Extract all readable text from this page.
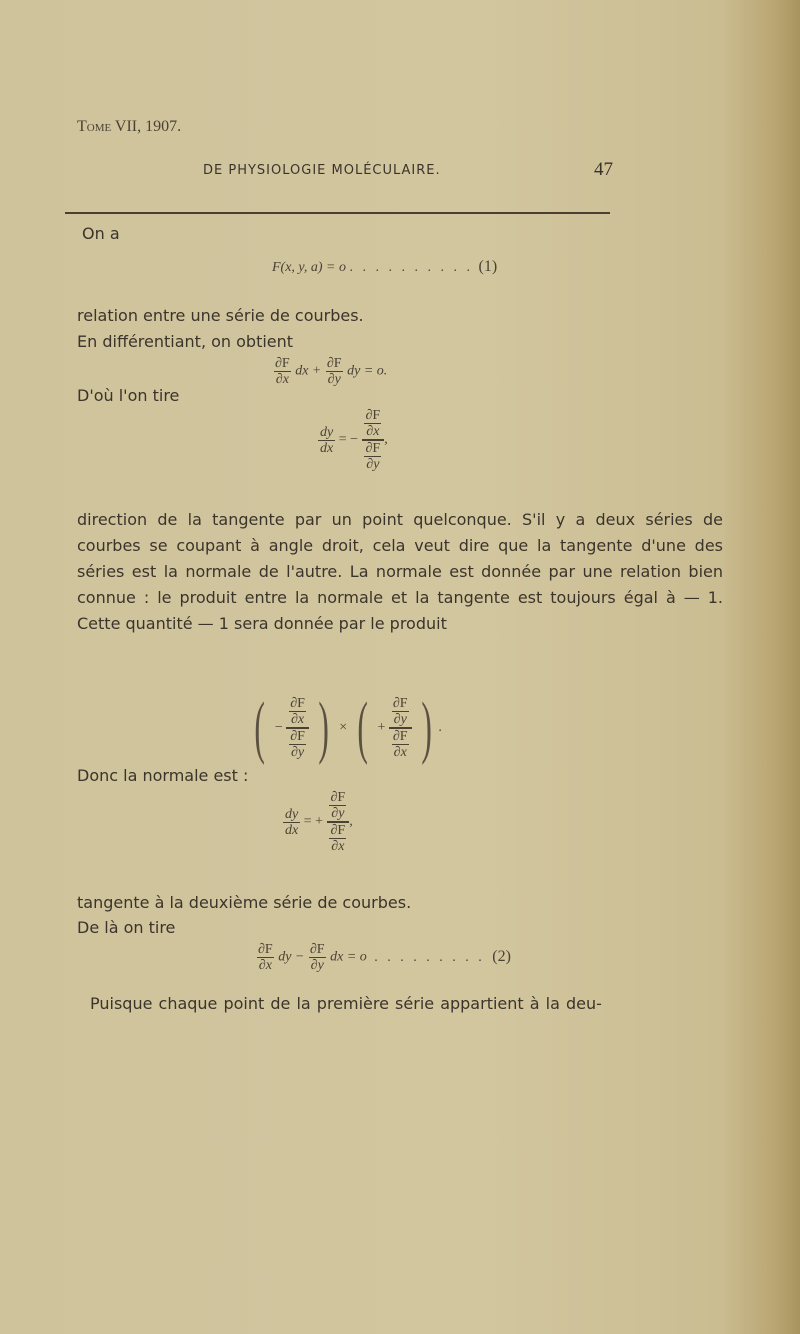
Tome VII, 1907.
DE PHYSIOLOGIE MOLÉCULAIRE.	47
On a
F(x, y, a) = o . . . . . . . . . . (1)
relation entre une série de courbes.
En différentiant, on obtient
$\frac{\partial F}{\partial x}$ dx + $\frac{\partial F}{\partial y}$ dy = o.
D'où l'on tire
$\frac{dy}{dx}$ = − $\frac{\frac{\partial F}{\partial x}}{\frac{\partial F}{\partial y}}$ ,
direction de la tangente par un point quelconque. S'il y a deux séries de courbes se coupant à angle droit, cela veut dire que la tangente d'une des séries est la normale de l'autre. La normale est donnée par une relation bien connue : le produit entre la normale et la tangente est toujours égal à — 1. Cette quantité — 1 sera donnée par le produit
( − $\frac{\frac{\partial F}{\partial x}}{\frac{\partial F}{\partial y}}$ ) × ( + $\frac{\frac{\partial F}{\partial y}}{\frac{\partial F}{\partial x}}$ ) .
Donc la normale est :
$\frac{dy}{dx}$ = + $\frac{\frac{\partial F}{\partial y}}{\frac{\partial F}{\partial x}}$ ,
tangente à la deuxième série de courbes.
De là on tire
$\frac{\partial F}{\partial x}$ dy − $\frac{\partial F}{\partial y}$ dx = o . . . . . . . . . (2)
Puisque chaque point de la première série appartient à la deu-
